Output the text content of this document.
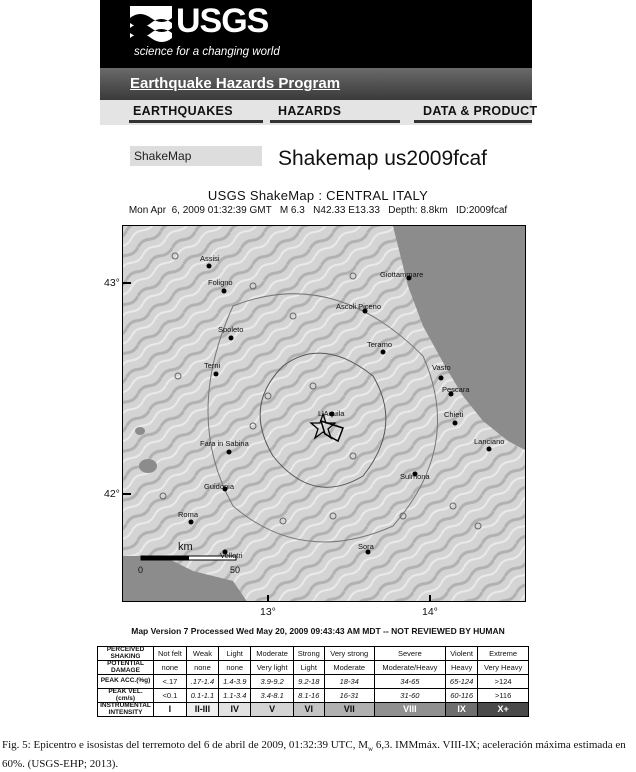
USGS
science for a changing world
Earthquake Hazards Program
EARTHQUAKES	HAZARDS	DATA & PRODUCT
ShakeMap	Shakemap us2009fcaf
USGS ShakeMap : CENTRAL ITALY
Mon Apr  6, 2009 01:32:39 GMT   M 6.3   N42.33 E13.33   Depth: 8.8km   ID:2009fcaf
Assisi
Foligno
Spoleto
Terni
Fara in Sabina
Guidonia
Roma
Velletri
L'Aquila
Sora
Sulmona
Teramo
Ascoli Piceno
Giottammare
Vasto
Pescara
Chieti
Lanciano
km
0	50
43°
42°
13°	14°
Map Version 7 Processed Wed May 20, 2009 09:43:43 AM MDT -- NOT REVIEWED BY HUMAN
PERCEIVED SHAKING	Not felt	Weak	Light	Moderate	Strong	Very strong	Severe	Violent	Extreme
POTENTIAL DAMAGE	none	none	none	Very light	Light	Moderate	Moderate/Heavy	Heavy	Very Heavy
PEAK ACC.(%g)	<.17	.17-1.4	1.4-3.9	3.9-9.2	9.2-18	18-34	34-65	65-124	>124
PEAK VEL.(cm/s)	<0.1	0.1-1.1	1.1-3.4	3.4-8.1	8.1-16	16-31	31-60	60-116	>116
INSTRUMENTAL INTENSITY	I	II-III	IV	V	VI	VII	VIII	IX	X+
Fig. 5: Epicentro e isosistas del terremoto del 6 de abril de 2009, 01:32:39 UTC, $M_w$ 6,3. IMMmáx. VIII-IX; aceleración máxima estimada en 60%. (USGS-EHP; 2013).
